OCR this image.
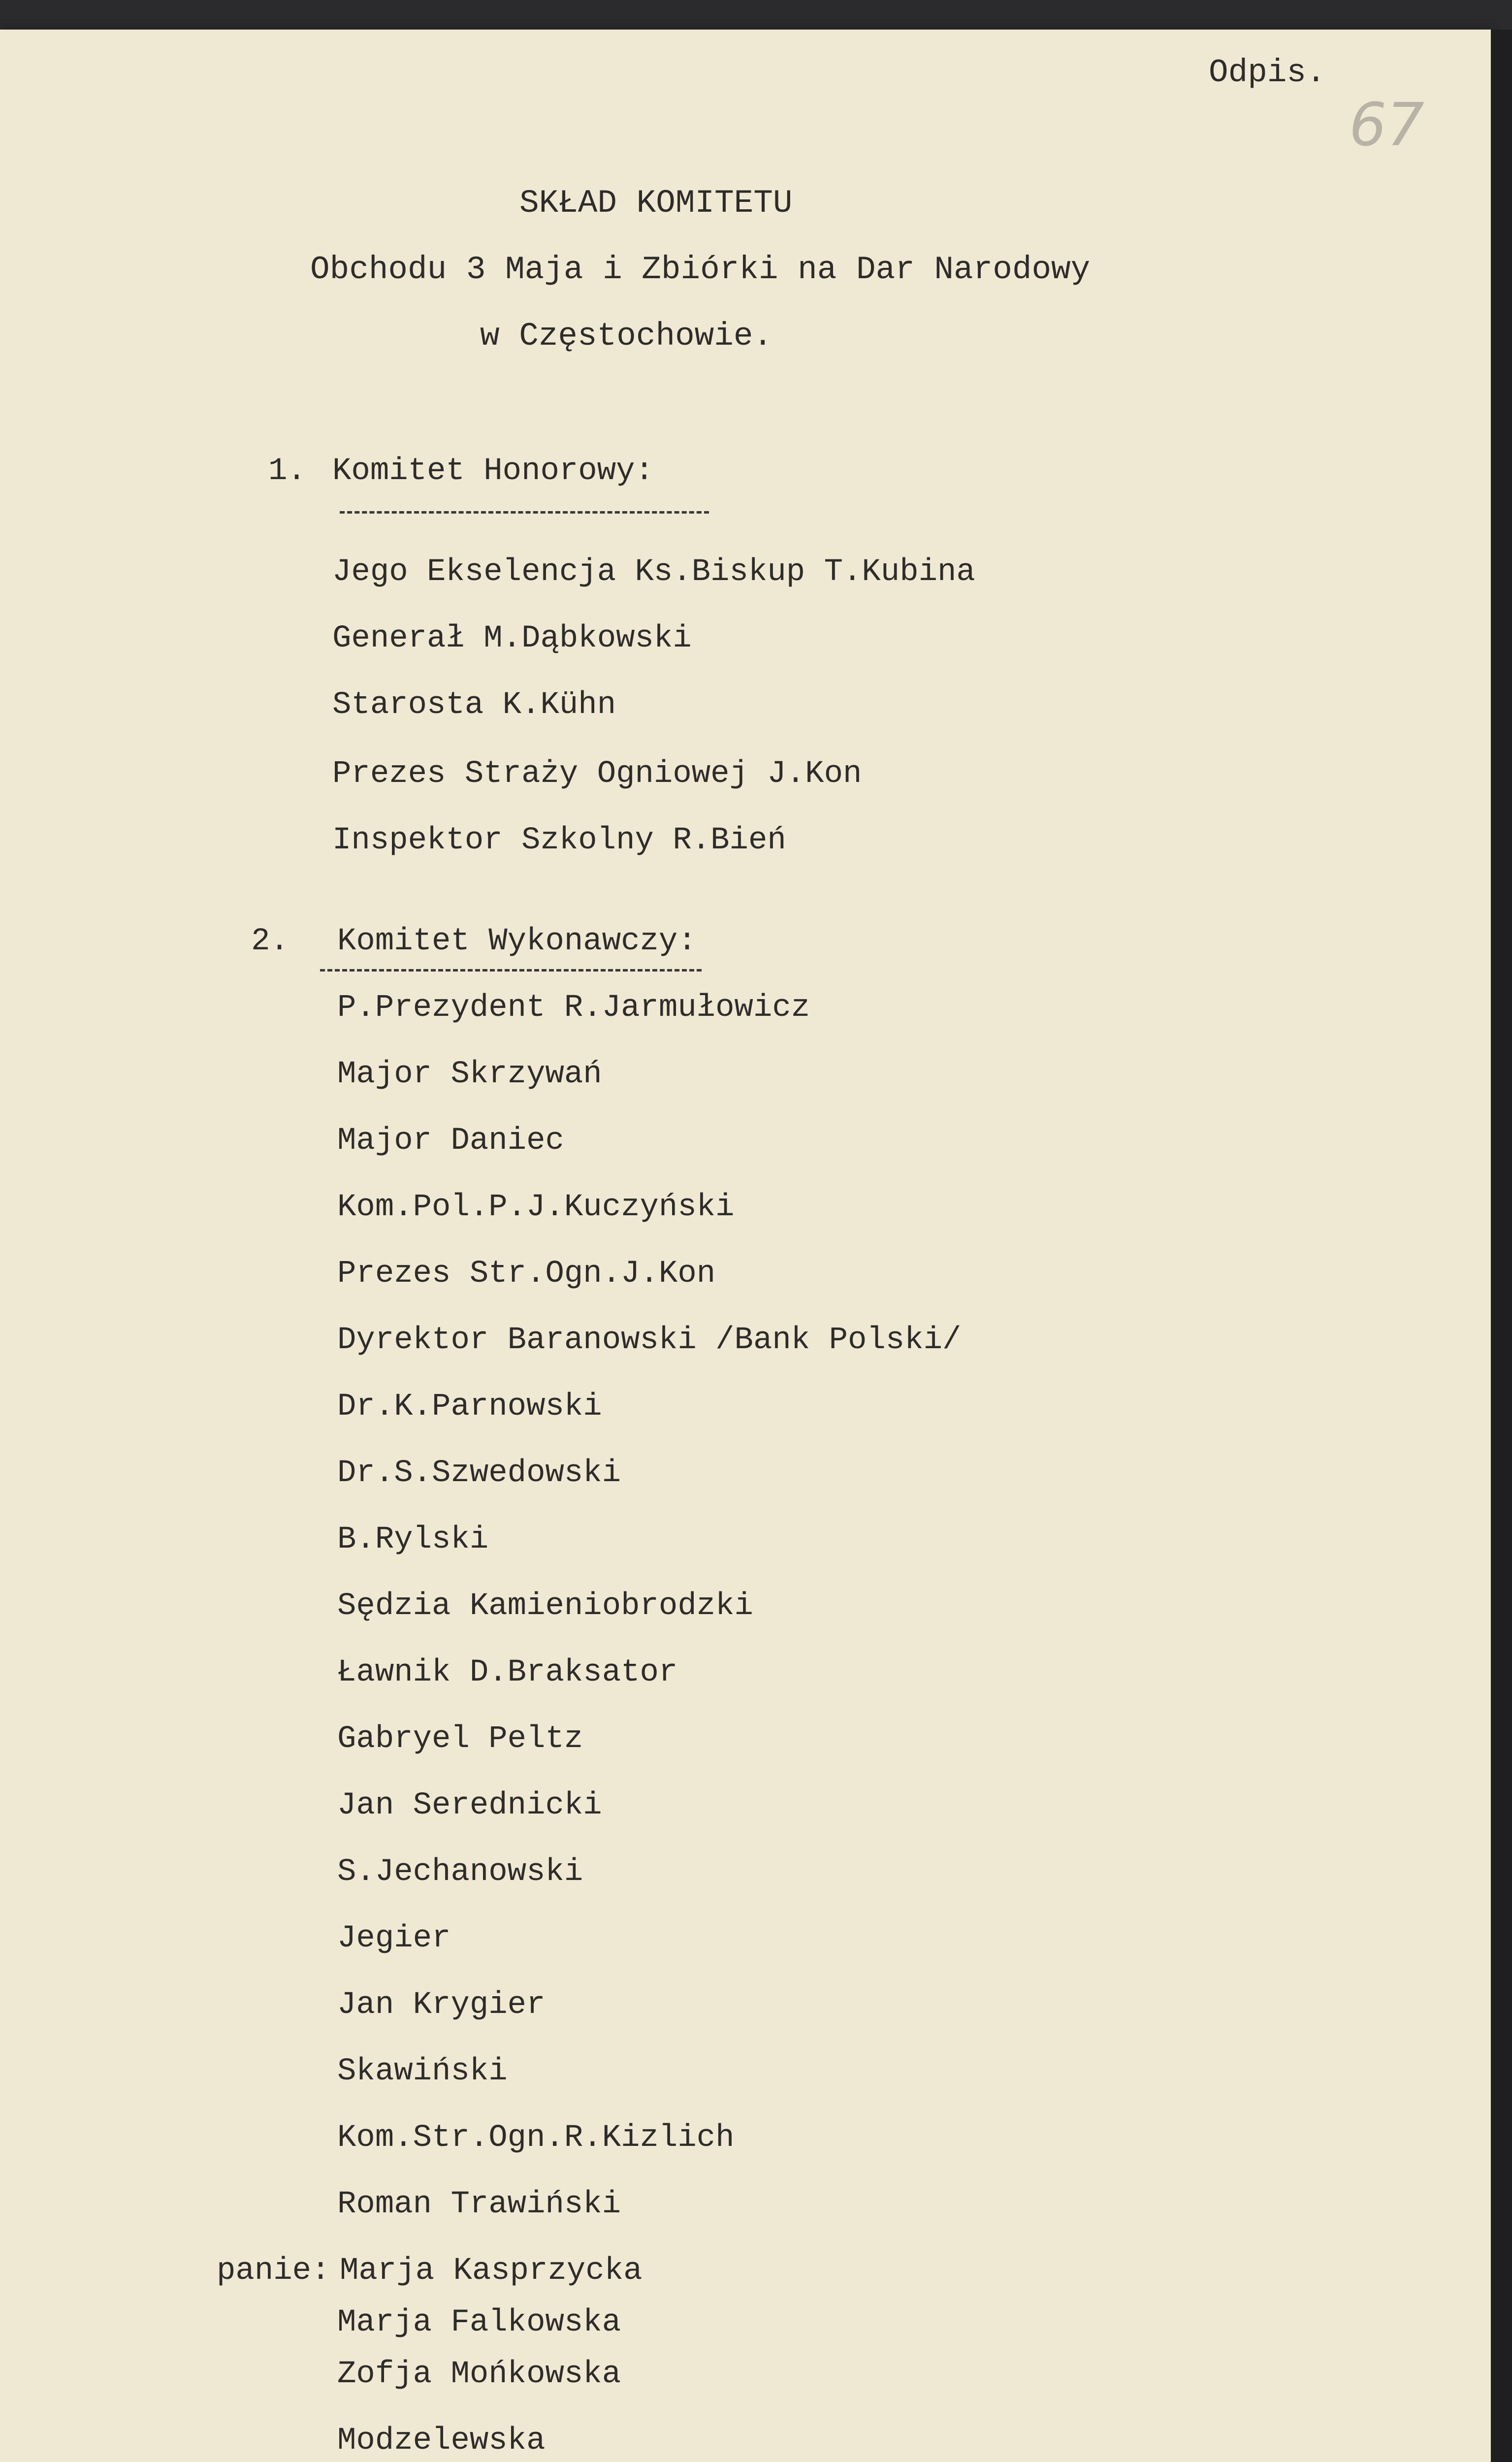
Odpis.
67
SKŁAD KOMITETU
Obchodu 3 Maja i Zbiórki na Dar Narodowy
w Częstochowie.
1. Komitet Honorowy:
Jego Ekselencja Ks.Biskup T.Kubina
Generał M.Dąbkowski
Starosta K.Kühn
Prezes Straży Ogniowej J.Kon
Inspektor Szkolny R.Bień
2. Komitet Wykonawczy:
P.Prezydent R.Jarmułowicz
Major Skrzywań
Major Daniec
Kom.Pol.P.J.Kuczyński
Prezes Str.Ogn.J.Kon
Dyrektor Baranowski /Bank Polski/
Dr.K.Parnowski
Dr.S.Szwedowski
B.Rylski
Sędzia Kamieniobrodzki
Ławnik D.Braksator
Gabryel Peltz
Jan Serednicki
S.Jechanowski
Jegier
Jan Krygier
Skawiński
Kom.Str.Ogn.R.Kizlich
Roman Trawiński
panie: Marja Kasprzycka
Marja Falkowska
Zofja Mońkowska
Modzelewska
